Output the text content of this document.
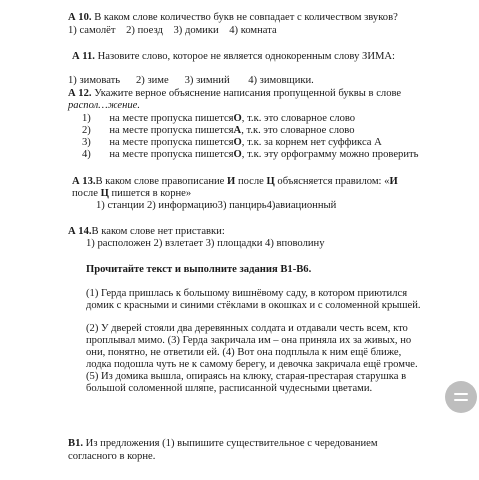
А 10. В каком слове количество букв не совпадает с количеством звуков?
1) самолёт 2) поезд 3) домики 4) комната
А 11. Назовите слово, которое не является однокоренным слову ЗИМА:
1) зимовать 2) зиме 3) зимний 4) зимовщики.
А 12. Укажите верное объяснение написания пропущенной буквы в слове
распол…жение.
1) на месте пропуска пишетсяО, т.к. это словарное слово
2) на месте пропуска пишетсяА, т.к. это словарное слово
3) на месте пропуска пишетсяО, т.к. за корнем нет суффикса А
4) на месте пропуска пишетсяО, т.к. эту орфограмму можно проверить
А 13.В каком слове правописание И после Ц объясняется правилом: «И
после Ц пишется в корне»
1) станции 2) информацию3) панцирь4)авиационный
А 14.В каком слове нет приставки:
1) расположен 2) взлетает 3) площадки 4) вповолину
Прочитайте текст и выполните задания В1-В6.
(1) Герда пришлась к большому вишнёвому саду, в котором приютился
домик с красными и синими стёклами в окошках и с соломенной крышей.
(2) У дверей стояли два деревянных солдата и отдавали честь всем, кто
проплывал мимо. (3) Герда закричала им – она приняла их за живых, но
они, понятно, не ответили ей. (4) Вот она подплыла к ним ещё ближе,
лодка подошла чуть не к самому берегу, и девочка закричала ещё громче.
(5) Из домика вышла, опираясь на клюку, старая-престарая старушка в
большой соломенной шляпе, расписанной чудесными цветами.
В1. Из предложения (1) выпишите существительное с чередованием
согласного в корне.
